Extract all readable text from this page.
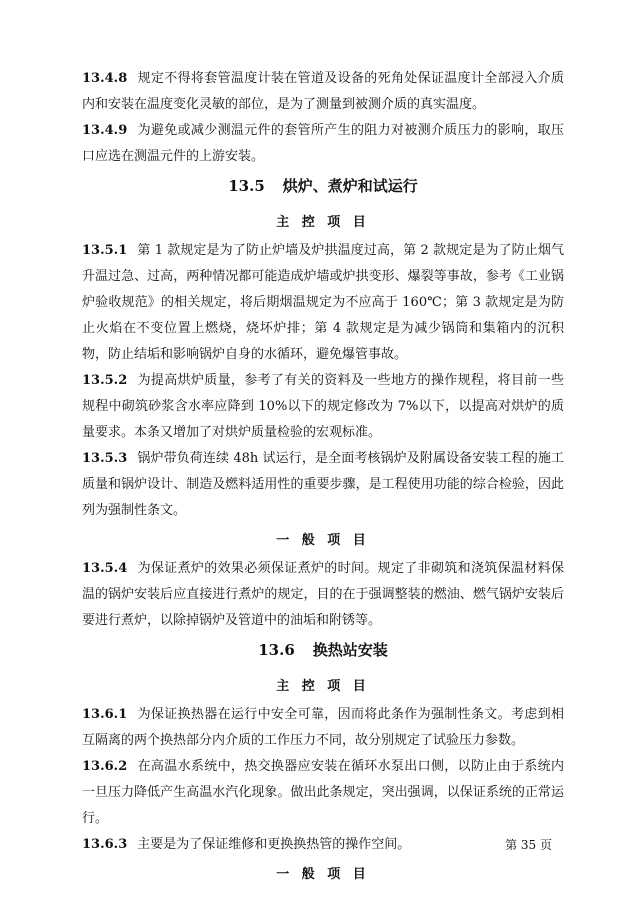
13.4.8 规定不得将套管温度计装在管道及设备的死角处保证温度计全部浸入介质内和安装在温度变化灵敏的部位，是为了测量到被测介质的真实温度。

13.4.9 为避免或减少测温元件的套管所产生的阻力对被测介质压力的影响，取压口应选在测温元件的上游安装。

13.5 烘炉、煮炉和试运行
主 控 项 目

13.5.1 第 1 款规定是为了防止炉墙及炉拱温度过高，第 2 款规定是为了防止烟气升温过急、过高，两种情况都可能造成炉墙或炉拱变形、爆裂等事故，参考《工业锅炉验收规范》的相关规定，将后期烟温规定为不应高于 160℃；第 3 款规定是为防止火焰在不变位置上燃烧，烧坏炉排；第 4 款规定是为减少锅筒和集箱内的沉积物，防止结垢和影响锅炉自身的水循环，避免爆管事故。

13.5.2 为提高烘炉质量，参考了有关的资料及一些地方的操作规程，将目前一些规程中砌筑砂浆含水率应降到 10%以下的规定修改为 7%以下，以提高对烘炉的质量要求。本条又增加了对烘炉质量检验的宏观标准。

13.5.3 锅炉带负荷连续 48h 试运行，是全面考核锅炉及附属设备安装工程的施工质量和锅炉设计、制造及燃料适用性的重要步骤，是工程使用功能的综合检验，因此列为强制性条文。

一 般 项 目

13.5.4 为保证煮炉的效果必须保证煮炉的时间。规定了非砌筑和浇筑保温材料保温的锅炉安装后应直接进行煮炉的规定，目的在于强调整装的燃油、燃气锅炉安装后要进行煮炉，以除掉锅炉及管道中的油垢和附锈等。

13.6 换热站安装
主 控 项 目

13.6.1 为保证换热器在运行中安全可靠，因而将此条作为强制性条文。考虑到相互隔离的两个换热部分内介质的工作压力不同，故分别规定了试验压力参数。

13.6.2 在高温水系统中，热交换器应安装在循环水泵出口侧，以防止由于系统内一旦压力降低产生高温水汽化现象。做出此条规定，突出强调，以保证系统的正常运行。

13.6.3 主要是为了保证维修和更换换热管的操作空间。

一 般 项 目
第 35 页
